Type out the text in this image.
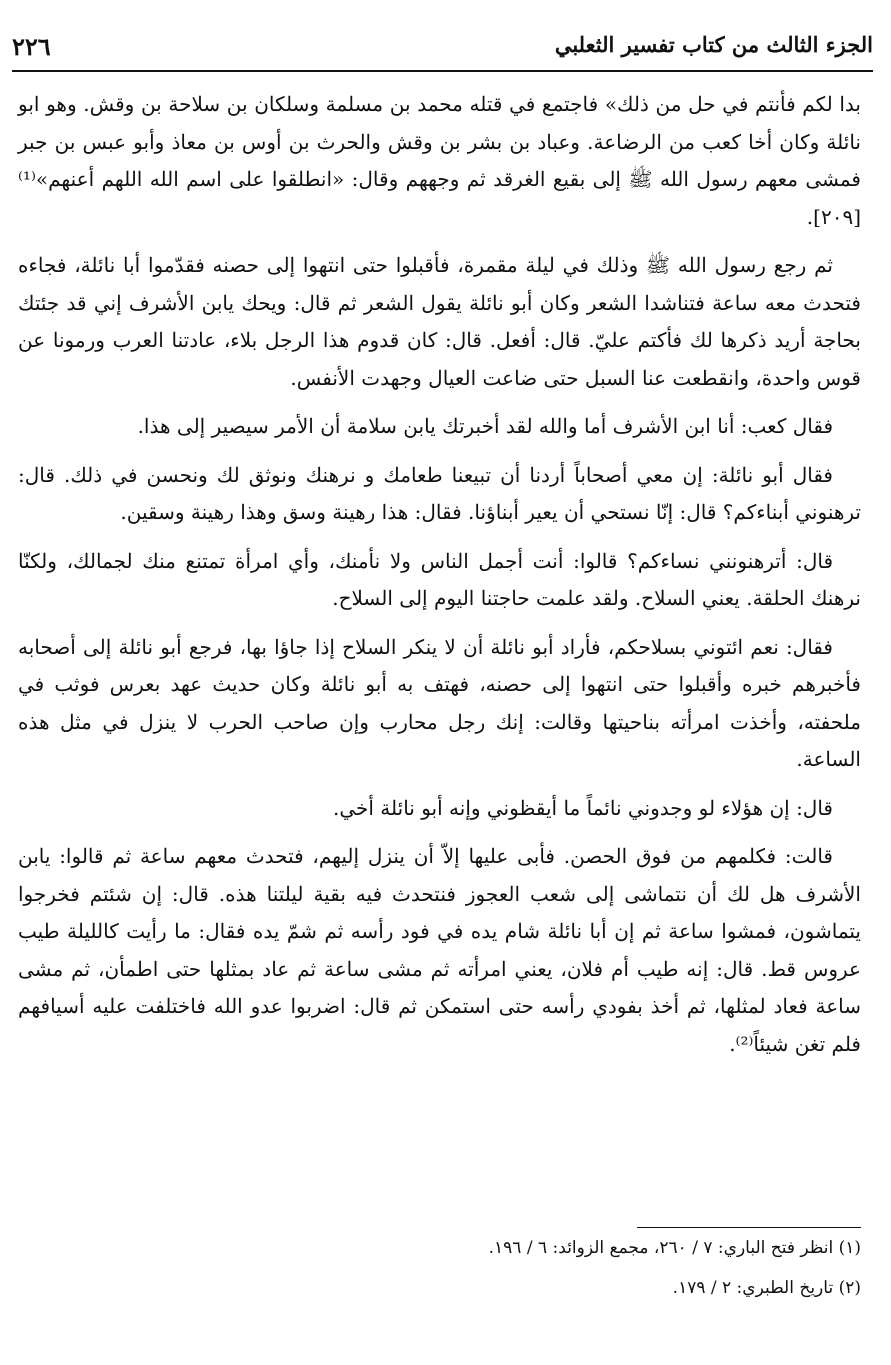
الجزء الثالث من كتاب تفسير الثعلبي
٢٢٦

بدا لكم فأنتم في حل من ذلك» فاجتمع في قتله محمد بن مسلمة وسلكان بن سلاحة بن وقش. وهو ابو نائلة وكان أخا كعب من الرضاعة. وعباد بن بشر بن وقش والحرث بن أوس بن معاذ وأبو عبس بن جبر فمشى معهم رسول الله ﷺ إلى بقيع الغرقد ثم وجههم وقال: «انطلقوا على اسم الله اللهم أعنهم»⁽¹⁾ [٢٠٩].

ثم رجع رسول الله ﷺ وذلك في ليلة مقمرة، فأقبلوا حتى انتهوا إلى حصنه فقدّموا أبا نائلة، فجاءه فتحدث معه ساعة فتناشدا الشعر وكان أبو نائلة يقول الشعر ثم قال: ويحك يابن الأشرف إني قد جئتك بحاجة أريد ذكرها لك فأكتم عليّ. قال: أفعل. قال: كان قدوم هذا الرجل بلاء، عادتنا العرب ورمونا عن قوس واحدة، وانقطعت عنا السبل حتى ضاعت العيال وجهدت الأنفس.

فقال كعب: أنا ابن الأشرف أما والله لقد أخبرتك يابن سلامة أن الأمر سيصير إلى هذا.

فقال أبو نائلة: إن معي أصحاباً أردنا أن تبيعنا طعامك و نرهنك ونوثق لك ونحسن في ذلك. قال: ترهنوني أبناءكم؟ قال: إنّا نستحي أن يعير أبناؤنا. فقال: هذا رهينة وسق وهذا رهينة وسقين.

قال: أترهنونني نساءكم؟ قالوا: أنت أجمل الناس ولا نأمنك، وأي امرأة تمتنع منك لجمالك، ولكنّا نرهنك الحلقة. يعني السلاح. ولقد علمت حاجتنا اليوم إلى السلاح.

فقال: نعم ائتوني بسلاحكم، فأراد أبو نائلة أن لا ينكر السلاح إذا جاؤا بها، فرجع أبو نائلة إلى أصحابه فأخبرهم خبره وأقبلوا حتى انتهوا إلى حصنه، فهتف به أبو نائلة وكان حديث عهد بعرس فوثب في ملحفته، وأخذت امرأته بناحيتها وقالت: إنك رجل محارب وإن صاحب الحرب لا ينزل في مثل هذه الساعة.

قال: إن هؤلاء لو وجدوني نائماً ما أيقظوني وإنه أبو نائلة أخي.

قالت: فكلمهم من فوق الحصن. فأبى عليها إلاّ أن ينزل إليهم، فتحدث معهم ساعة ثم قالوا: يابن الأشرف هل لك أن نتماشى إلى شعب العجوز فنتحدث فيه بقية ليلتنا هذه. قال: إن شئتم فخرجوا يتماشون، فمشوا ساعة ثم إن أبا نائلة شام يده في فود رأسه ثم شمّ يده فقال: ما رأيت كالليلة طيب عروس قط. قال: إنه طيب أم فلان، يعني امرأته ثم مشى ساعة ثم عاد بمثلها حتى اطمأن، ثم مشى ساعة فعاد لمثلها، ثم أخذ بفودي رأسه حتى استمكن ثم قال: اضربوا عدو الله فاختلفت عليه أسيافهم فلم تغن شيئاً⁽²⁾.

(١) انظر فتح الباري: ٧ / ٢٦٠، مجمع الزوائد: ٦ / ١٩٦.

(٢) تاريخ الطبري: ٢ / ١٧٩.
